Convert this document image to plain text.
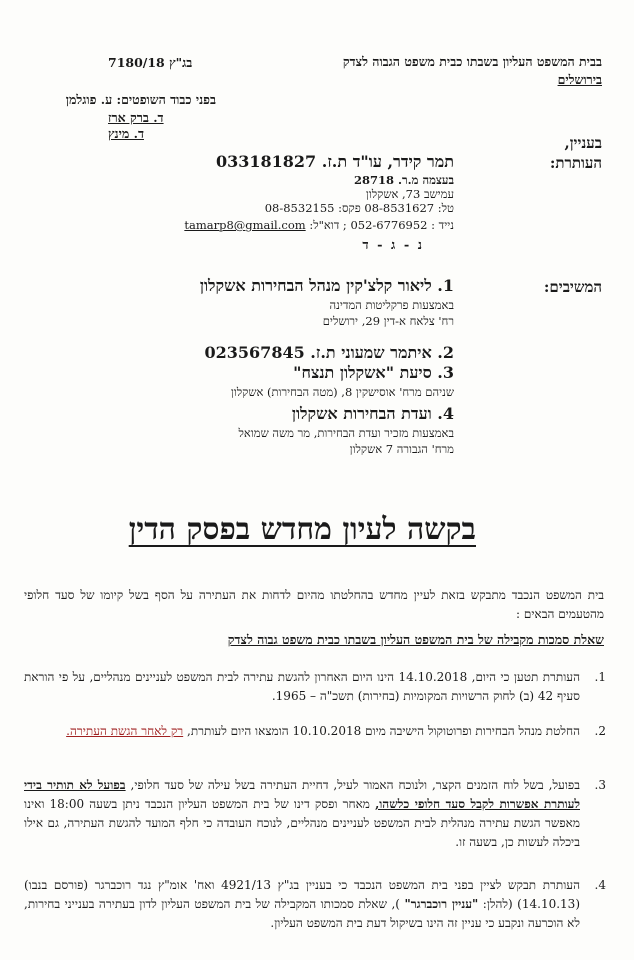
בבית המשפט העליון בשבתו כבית משפט הגבוה לצדק
בירושלים
בג"ץ 7180/18
בפני כבוד השופטים: ע. פוגלמן
ד. ברק ארז
ד. מינץ
בעניין,
העותרת:
תמר קידר, עו"ד ת.ז. 033181827
בעצמה מ.ר. 28718
עמישב 73, אשקלון
טל: 08-8531627 פקס: 08-8532155
נייד : 052-6776952 ; דוא"ל: tamarp8@gmail.com
נ - ג - ד
המשיבים:
1. ליאור קלצ'קין מנהל הבחירות אשקלון
באמצעות פרקליטות המדינה
רח' צלאח א-דין 29, ירושלים
2. איתמר שמעוני ת.ז. 023567845
3. סיעת "אשקלון תנצח"
שניהם מרח' אוסישקין 8, (מטה הבחירות) אשקלון
4. ועדת הבחירות אשקלון
באמצעות מזכיר ועדת הבחירות, מר משה שמואל
מרח' הגבורה 7 אשקלון
בקשה לעיון מחדש בפסק הדין
בית המשפט הנכבד מתבקש בזאת לעיין מחדש בהחלטתו מהיום לדחות את העתירה על הסף בשל קיומו של סעד חלופי מהטעמים הבאים :
שאלת סמכות מקבילה של בית המשפט העליון בשבתו כבית משפט גבוה לצדק
1.
העותרת תטען כי היום, 14.10.2018 הינו היום האחרון להגשת עתירה לבית המשפט לעניינים מנהליים, על פי הוראת סעיף 42 (ב) לחוק הרשויות המקומיות (בחירות) תשכ"ה – 1965.
2.
החלטת מנהל הבחירות ופרוטוקול הישיבה מיום 10.10.2018 הומצאו היום לעותרת, רק לאחר הגשת העתירה.
3.
בפועל, בשל לוח הזמנים הקצר, ולנוכח האמור לעיל, דחיית העתירה בשל עילה של סעד חלופי, בפועל לא תותיר בידי לעותרת אפשרות לקבל סעד חלופי כלשהו, מאחר ופסק דינו של בית המשפט העליון הנכבד ניתן בשעה 18:00 ואינו מאפשר הגשת עתירה מנהלית לבית המשפט לעניינים מנהליים, לנוכח העובדה כי חלף המועד להגשת העתירה, גם אילו ביכלה לעשות כן, בשעה זו.
4.
העותרת תבקש לציין בפני בית המשפט הנכבד כי בעניין בג"ץ 4921/13 ואח' אומ"ץ נגד רוכברגר (פורסם בנבו) (14.10.13) (להלן: "עניין רוכברגר" ), שאלת סמכותו המקבילה של בית המשפט העליון לדון בעתירה בענייני בחירות, לא הוכרעה ונקבע כי עניין זה הינו בשיקול דעת בית המשפט העליון.
